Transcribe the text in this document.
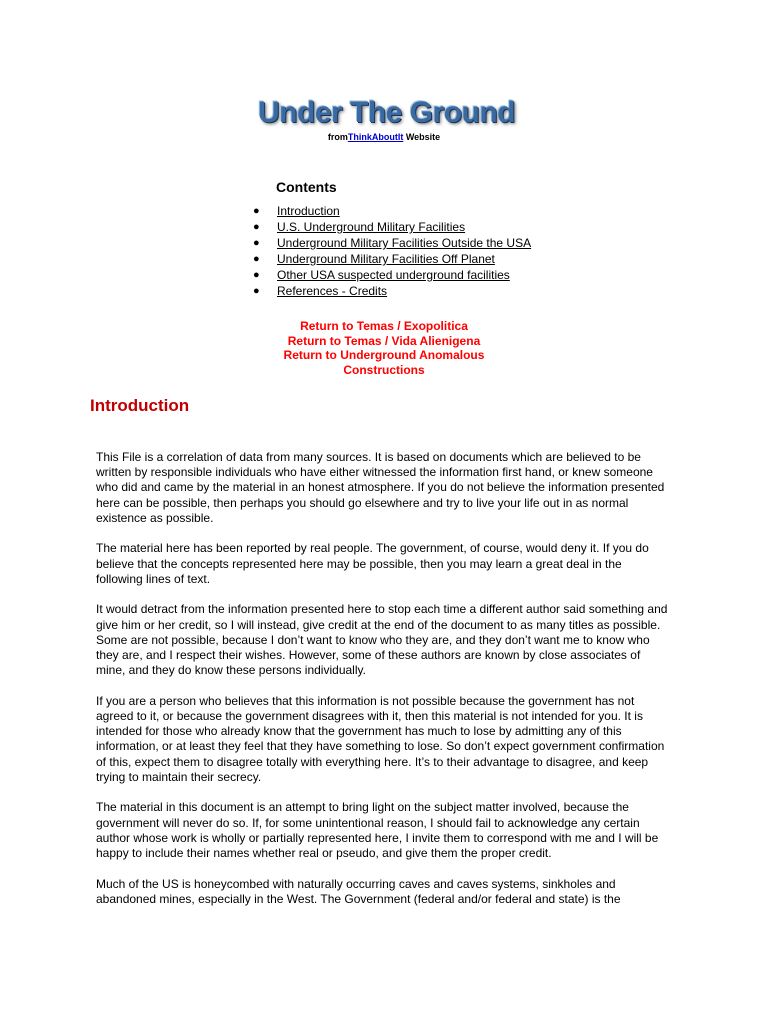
Under The Ground
fromThinkAboutIt Website
Contents
● Introduction
● U.S. Underground Military Facilities
● Underground Military Facilities Outside the USA
● Underground Military Facilities Off Planet
● Other USA suspected underground facilities
● References - Credits
Return to Temas / Exopolitica
Return to Temas / Vida Alienigena
Return to Underground Anomalous Constructions
Introduction

This File is a correlation of data from many sources. It is based on documents which are believed to be written by responsible individuals who have either witnessed the information first hand, or knew someone who did and came by the material in an honest atmosphere. If you do not believe the information presented here can be possible, then perhaps you should go elsewhere and try to live your life out in as normal existence as possible.

The material here has been reported by real people. The government, of course, would deny it. If you do believe that the concepts represented here may be possible, then you may learn a great deal in the following lines of text.

It would detract from the information presented here to stop each time a different author said something and give him or her credit, so I will instead, give credit at the end of the document to as many titles as possible. Some are not possible, because I don’t want to know who they are, and they don’t want me to know who they are, and I respect their wishes. However, some of these authors are known by close associates of mine, and they do know these persons individually.

If you are a person who believes that this information is not possible because the government has not agreed to it, or because the government disagrees with it, then this material is not intended for you. It is intended for those who already know that the government has much to lose by admitting any of this information, or at least they feel that they have something to lose. So don’t expect government confirmation of this, expect them to disagree totally with everything here. It’s to their advantage to disagree, and keep trying to maintain their secrecy.

The material in this document is an attempt to bring light on the subject matter involved, because the government will never do so. If, for some unintentional reason, I should fail to acknowledge any certain author whose work is wholly or partially represented here, I invite them to correspond with me and I will be happy to include their names whether real or pseudo, and give them the proper credit.

Much of the US is honeycombed with naturally occurring caves and caves systems, sinkholes and abandoned mines, especially in the West. The Government (federal and/or federal and state) is the
